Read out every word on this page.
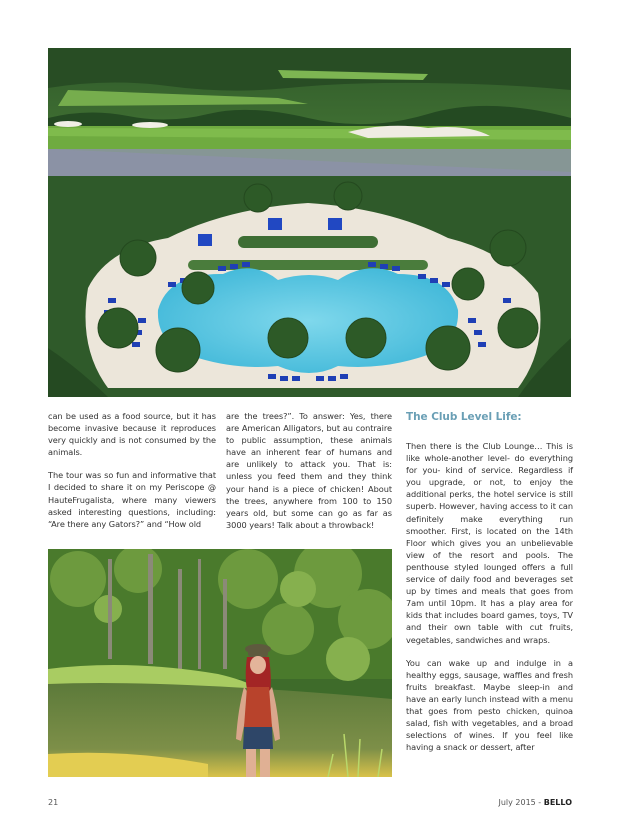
can be used as a food source, but it has become invasive because it reproduces very quickly and is not consumed by the animals.

The tour was so fun and informative that I decided to share it on my Periscope @ HauteFrugalista, where many viewers asked interesting questions, including: “Are there any Gators?” and “How old

are the trees?”. To answer: Yes, there are American Alligators, but au contraire to public assumption, these animals have an inherent fear of humans and are unlikely to attack you. That is: unless you feed them and they think your hand is a piece of chicken! About the trees, anywhere from 100 to 150 years old, but some can go as far as 3000 years! Talk about a throwback!

The Club Level Life:

Then there is the Club Lounge… This is like whole-another level- do everything for you- kind of service. Regardless if you upgrade, or not, to enjoy the additional perks, the hotel service is still superb. However, having access to it can definitely make everything run smoother. First, is located on the 14th Floor which gives you an unbelievable view of the resort and pools. The penthouse styled lounged offers a full service of daily food and beverages set up by times and meals that goes from 7am until 10pm. It has a play area for kids that includes board games, toys, TV and their own table with cut fruits, vegetables, sandwiches and wraps.

You can wake up and indulge in a healthy eggs, sausage, waffles and fresh fruits breakfast. Maybe sleep-in and have an early lunch instead with a menu that goes from pesto chicken, quinoa salad, fish with vegetables, and a broad selections of wines. If you feel like having a snack or dessert, after

21	July 2015 - BELLO
